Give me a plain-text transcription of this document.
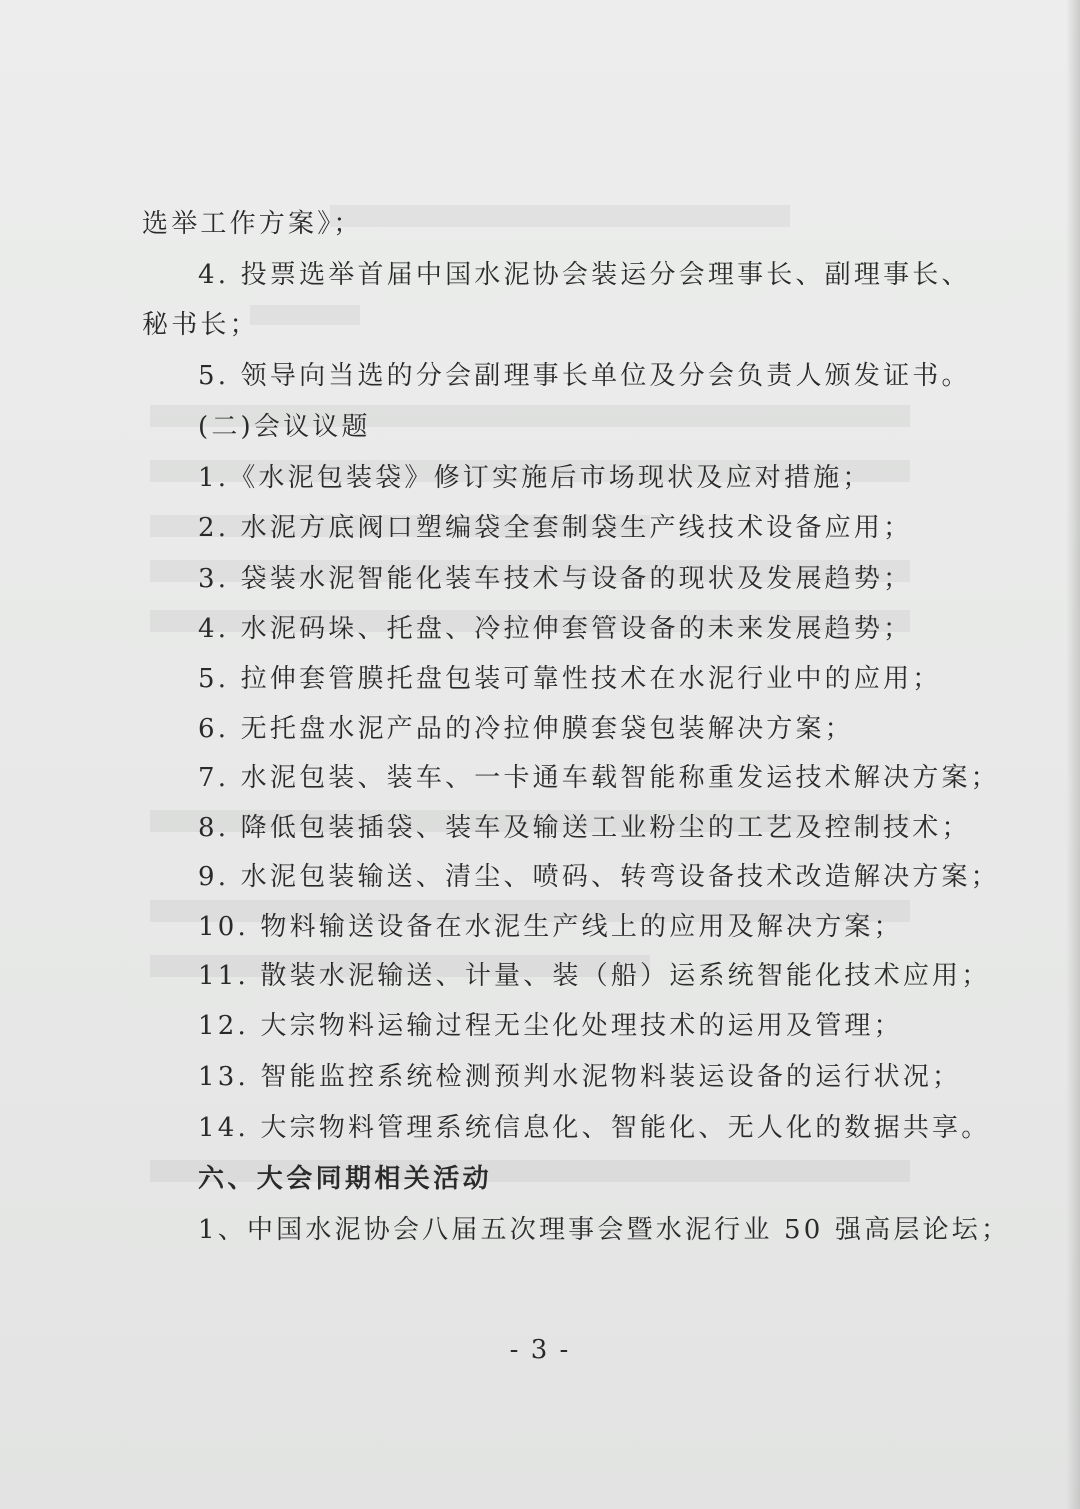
选举工作方案》；
4. 投票选举首届中国水泥协会装运分会理事长、副理事长、
秘书长；
5. 领导向当选的分会副理事长单位及分会负责人颁发证书。
(二)会议议题
1.《水泥包装袋》修订实施后市场现状及应对措施；
2. 水泥方底阀口塑编袋全套制袋生产线技术设备应用；
3. 袋装水泥智能化装车技术与设备的现状及发展趋势；
4. 水泥码垛、托盘、冷拉伸套管设备的未来发展趋势；
5. 拉伸套管膜托盘包装可靠性技术在水泥行业中的应用；
6. 无托盘水泥产品的冷拉伸膜套袋包装解决方案；
7. 水泥包装、装车、一卡通车载智能称重发运技术解决方案；
8. 降低包装插袋、装车及输送工业粉尘的工艺及控制技术；
9. 水泥包装输送、清尘、喷码、转弯设备技术改造解决方案；
10. 物料输送设备在水泥生产线上的应用及解决方案；
11. 散装水泥输送、计量、装（船）运系统智能化技术应用；
12. 大宗物料运输过程无尘化处理技术的运用及管理；
13. 智能监控系统检测预判水泥物料装运设备的运行状况；
14. 大宗物料管理系统信息化、智能化、无人化的数据共享。
六、大会同期相关活动
1、中国水泥协会八届五次理事会暨水泥行业 50 强高层论坛；
- 3 -
